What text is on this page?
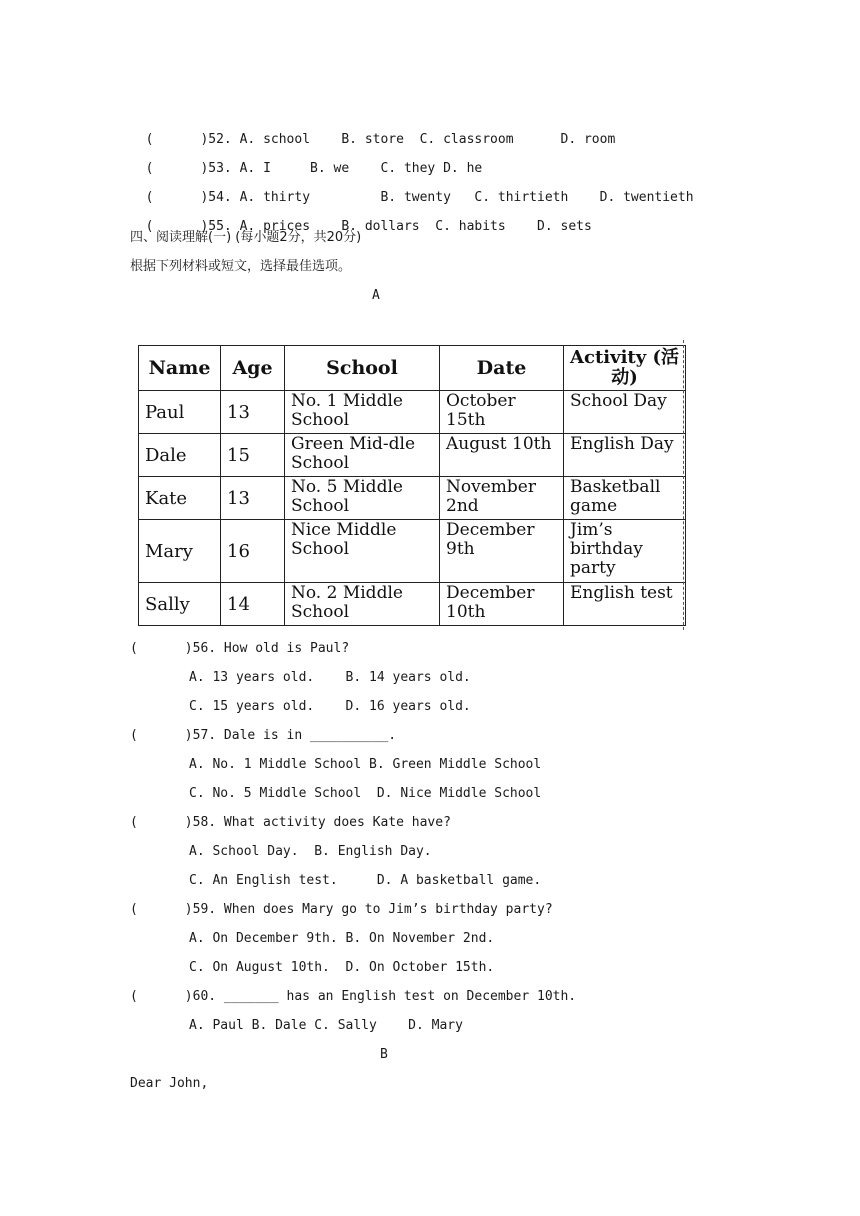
(	)52. A. school    B. store  C. classroom      D. room

(	)53. A. I     B. we    C. they D. he

(	)54. A. thirty         B. twenty   C. thirtieth    D. twentieth

(	)55. A. prices    B. dollars  C. habits    D. sets

四、阅读理解(一) (每小题2分，共20分)
根据下列材料或短文，选择最佳选项。
A
Name	Age	School	Date	Activity (活动)
Paul	13	No. 1 Middle School	October 15th	School Day
Dale	15	Green Mid-dle School	August 10th	English Day
Kate	13	No. 5 Middle School	November 2nd	Basketball game
Mary	16	Nice Middle School	December 9th	Jim’s birthday party
Sally	14	No. 2 Middle School	December 10th	English test
(      )56. How old is Paul?
A. 13 years old.    B. 14 years old.
C. 15 years old.    D. 16 years old.
(      )57. Dale is in __________.
A. No. 1 Middle School B. Green Middle School
C. No. 5 Middle School  D. Nice Middle School
(      )58. What activity does Kate have?
A. School Day.  B. English Day.
C. An English test.     D. A basketball game.
(      )59. When does Mary go to Jim’s birthday party?
A. On December 9th. B. On November 2nd.
C. On August 10th.  D. On October 15th.
(      )60. _______ has an English test on December 10th.
A. Paul B. Dale C. Sally    D. Mary
B
Dear John,
